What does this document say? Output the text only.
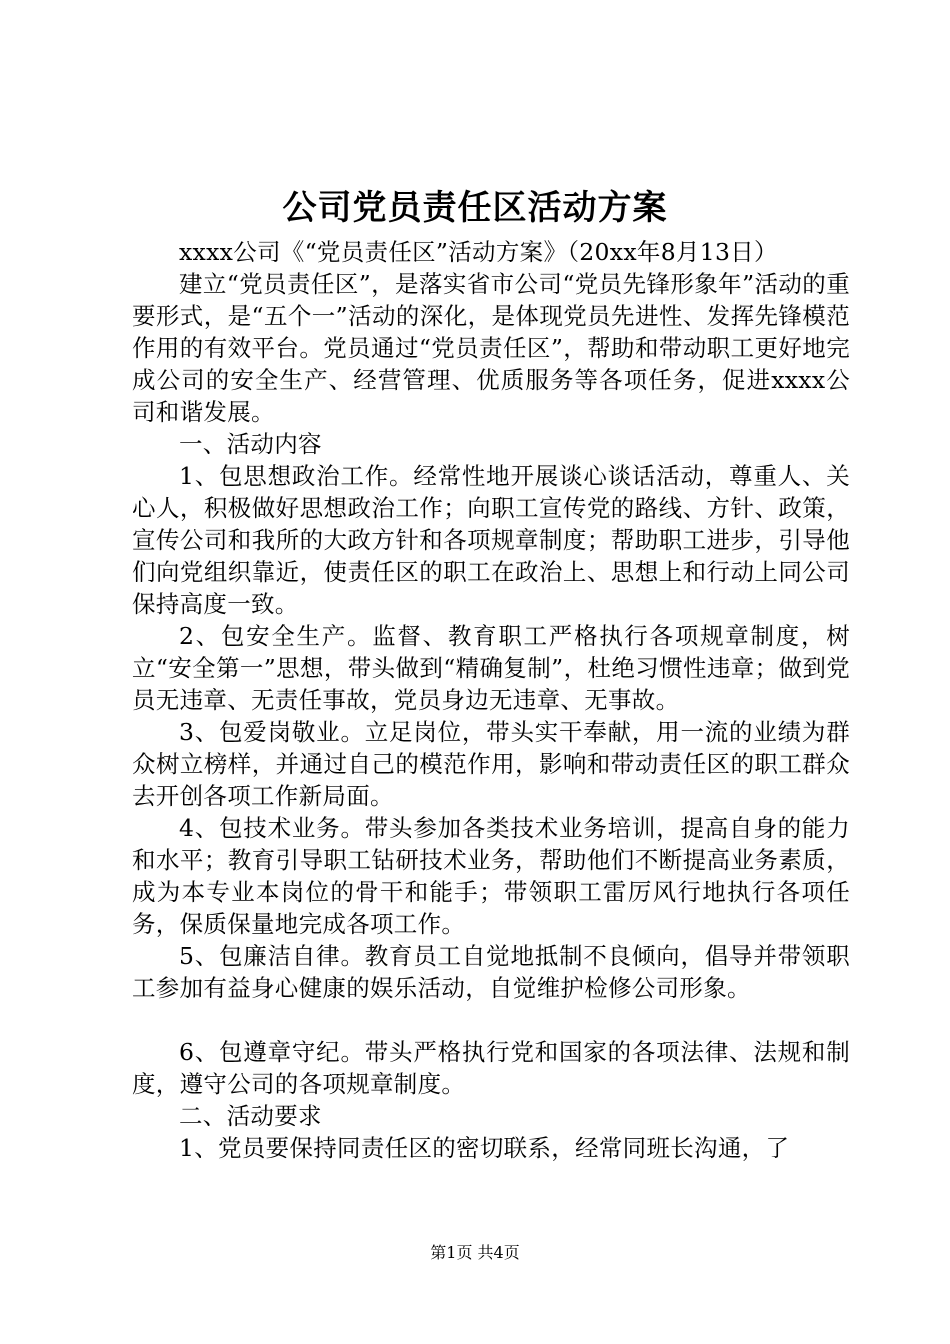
公司党员责任区活动方案

xxxx公司《“党员责任区”活动方案》（20xx年8月13日）

建立“党员责任区”，是落实省市公司“党员先锋形象年”活动的重要形式，是“五个一”活动的深化，是体现党员先进性、发挥先锋模范作用的有效平台。党员通过“党员责任区”，帮助和带动职工更好地完成公司的安全生产、经营管理、优质服务等各项任务，促进xxxx公司和谐发展。

一、活动内容

1、包思想政治工作。经常性地开展谈心谈话活动，尊重人、关心人，积极做好思想政治工作；向职工宣传党的路线、方针、政策，宣传公司和我所的大政方针和各项规章制度；帮助职工进步，引导他们向党组织靠近，使责任区的职工在政治上、思想上和行动上同公司保持高度一致。

2、包安全生产。监督、教育职工严格执行各项规章制度，树立“安全第一”思想，带头做到“精确复制”，杜绝习惯性违章；做到党员无违章、无责任事故，党员身边无违章、无事故。

3、包爱岗敬业。立足岗位，带头实干奉献，用一流的业绩为群众树立榜样，并通过自己的模范作用，影响和带动责任区的职工群众去开创各项工作新局面。

4、包技术业务。带头参加各类技术业务培训，提高自身的能力和水平；教育引导职工钻研技术业务，帮助他们不断提高业务素质，成为本专业本岗位的骨干和能手；带领职工雷厉风行地执行各项任务，保质保量地完成各项工作。

5、包廉洁自律。教育员工自觉地抵制不良倾向，倡导并带领职工参加有益身心健康的娱乐活动，自觉维护检修公司形象。

6、包遵章守纪。带头严格执行党和国家的各项法律、法规和制度，遵守公司的各项规章制度。

二、活动要求

1、党员要保持同责任区的密切联系，经常同班长沟通，了

第1页 共4页
